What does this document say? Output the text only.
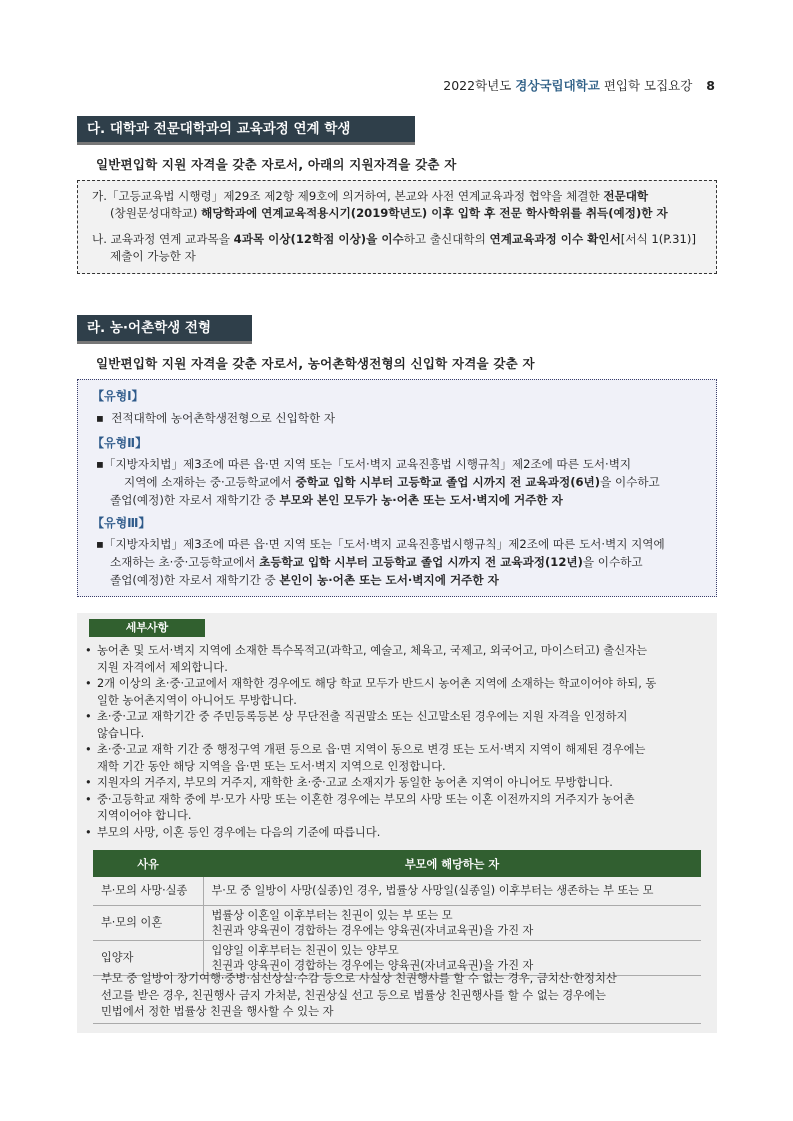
2022학년도 경상국립대학교 편입학 모집요강 8
다. 대학과 전문대학과의 교육과정 연계 학생
일반편입학 지원 자격을 갖춘 자로서, 아래의 지원자격을 갖춘 자
가.「고등교육법 시행령」제29조 제2항 제9호에 의거하여, 본교와 사전 연계교육과정 협약을 체결한 전문대학
(창원문성대학교) 해당학과에 연계교육적용시기(2019학년도) 이후 입학 후 전문 학사학위를 취득(예정)한 자
나. 교육과정 연계 교과목을 4과목 이상(12학점 이상)을 이수하고 출신대학의 연계교육과정 이수 확인서[서식 1(P.31)]
제출이 가능한 자
라. 농·어촌학생 전형
일반편입학 지원 자격을 갖춘 자로서, 농어촌학생전형의 신입학 자격을 갖춘 자
【유형Ⅰ】
▪  전적대학에 농어촌학생전형으로 신입학한 자
【유형Ⅱ】
▪「지방자치법」제3조에 따른 읍·면 지역 또는「도서·벽지 교육진흥법 시행규칙」제2조에 따른 도서·벽지
지역에 소재하는 중·고등학교에서 중학교 입학 시부터 고등학교 졸업 시까지 전 교육과정(6년)을 이수하고
졸업(예정)한 자로서 재학기간 중 부모와 본인 모두가 농·어촌 또는 도서·벽지에 거주한 자
【유형Ⅲ】
▪「지방자치법」제3조에 따른 읍·면 지역 또는「도서·벽지 교육진흥법시행규칙」제2조에 따른 도서·벽지 지역에
소재하는 초·중·고등학교에서 초등학교 입학 시부터 고등학교 졸업 시까지 전 교육과정(12년)을 이수하고
졸업(예정)한 자로서 재학기간 중 본인이 농·어촌 또는 도서·벽지에 거주한 자
세부사항
• 농어촌 및 도서·벽지 지역에 소재한 특수목적고(과학고, 예술고, 체육고, 국제고, 외국어고, 마이스터고) 출신자는
지원 자격에서 제외합니다.
• 2개 이상의 초·중·고교에서 재학한 경우에도 해당 학교 모두가 반드시 농어촌 지역에 소재하는 학교이어야 하되, 동
일한 농어촌지역이 아니어도 무방합니다.
• 초·중·고교 재학기간 중 주민등록등본 상 무단전출 직권말소 또는 신고말소된 경우에는 지원 자격을 인정하지
않습니다.
• 초·중·고교 재학 기간 중 행정구역 개편 등으로 읍·면 지역이 동으로 변경 또는 도서·벽지 지역이 해제된 경우에는
재학 기간 동안 해당 지역을 읍·면 또는 도서·벽지 지역으로 인정합니다.
• 지원자의 거주지, 부모의 거주지, 재학한 초·중·고교 소재지가 동일한 농어촌 지역이 아니어도 무방합니다.
• 중·고등학교 재학 중에 부·모가 사망 또는 이혼한 경우에는 부모의 사망 또는 이혼 이전까지의 거주지가 농어촌
지역이어야 합니다.
• 부모의 사망, 이혼 등인 경우에는 다음의 기준에 따릅니다.
사유	부모에 해당하는 자
부·모의 사망·실종	부·모 중 일방이 사망(실종)인 경우, 법률상 사망일(실종일) 이후부터는 생존하는 부 또는 모
부·모의 이혼	법률상 이혼일 이후부터는 친권이 있는 부 또는 모
친권과 양육권이 경합하는 경우에는 양육권(자녀교육권)을 가진 자
입양자	입양일 이후부터는 친권이 있는 양부모
친권과 양육권이 경합하는 경우에는 양육권(자녀교육권)을 가진 자
부모 중 일방이 장기여행·중병·심신상실·수감 등으로 사실상 친권행사를 할 수 없는 경우, 금치산·한정치산
선고를 받은 경우, 친권행사 금지 가처분, 친권상실 선고 등으로 법률상 친권행사를 할 수 없는 경우에는
민법에서 정한 법률상 친권을 행사할 수 있는 자
